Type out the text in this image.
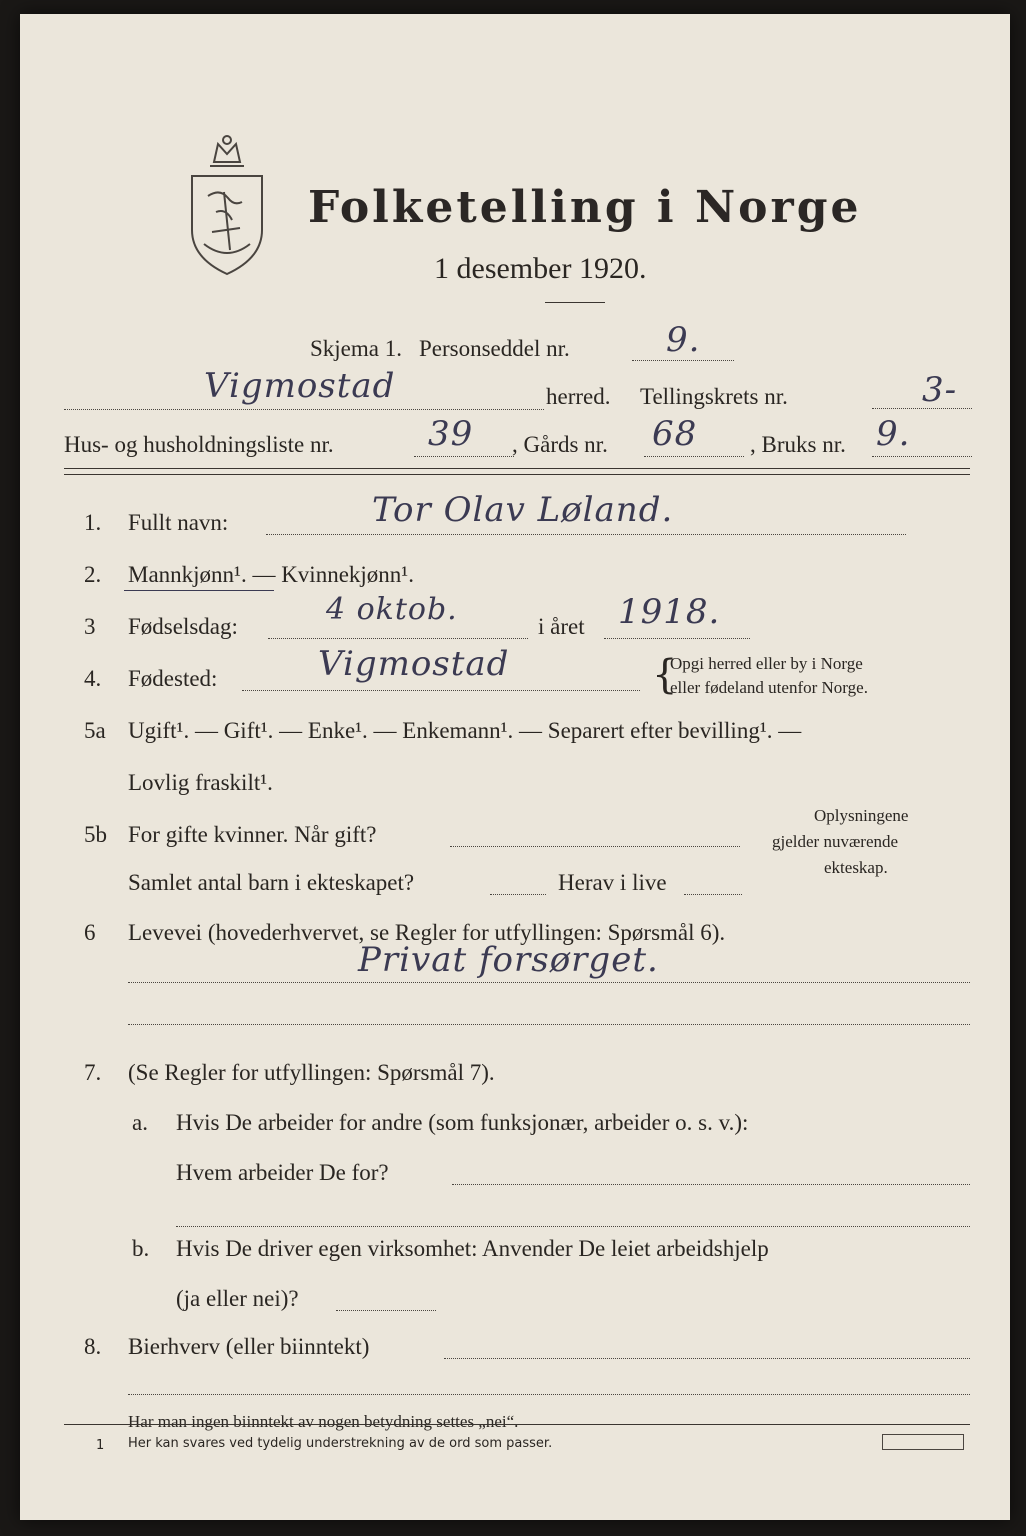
Folketelling i Norge
1 desember 1920.
Skjema 1. Personseddel nr.	9.
Vigmostad	herred. Tellingskrets nr.	3-
Hus- og husholdningsliste nr.	39 , Gårds nr. 68 , Bruks nr. 9.
1. Fullt navn:	Tor Olav Løland.
2. Mannkjønn¹. — Kvinnekjønn¹.
3 Fødselsdag:	4 oktob.	i året 1918.
4. Fødested:	Vigmostad	{
Opgi herred eller by i Norge
eller fødeland utenfor Norge.
5a Ugift¹. — Gift¹. — Enke¹. — Enkemann¹. — Separert efter bevilling¹. —
Lovlig fraskilt¹.
5b For gifte kvinner. Når gift?
Samlet antal barn i ekteskapet?	Herav i live
Oplysningene
gjelder nuværende
ekteskap.
6 Levevei (hovederhvervet, se Regler for utfyllingen: Spørsmål 6).
Privat forsørget.
7. (Se Regler for utfyllingen: Spørsmål 7).
a. Hvis De arbeider for andre (som funksjonær, arbeider o. s. v.):
Hvem arbeider De for?
b. Hvis De driver egen virksomhet: Anvender De leiet arbeidshjelp
(ja eller nei)?
8. Bierhverv (eller biinntekt)
Har man ingen biinntekt av nogen betydning settes „nei“.
1 Her kan svares ved tydelig understrekning av de ord som passer.
